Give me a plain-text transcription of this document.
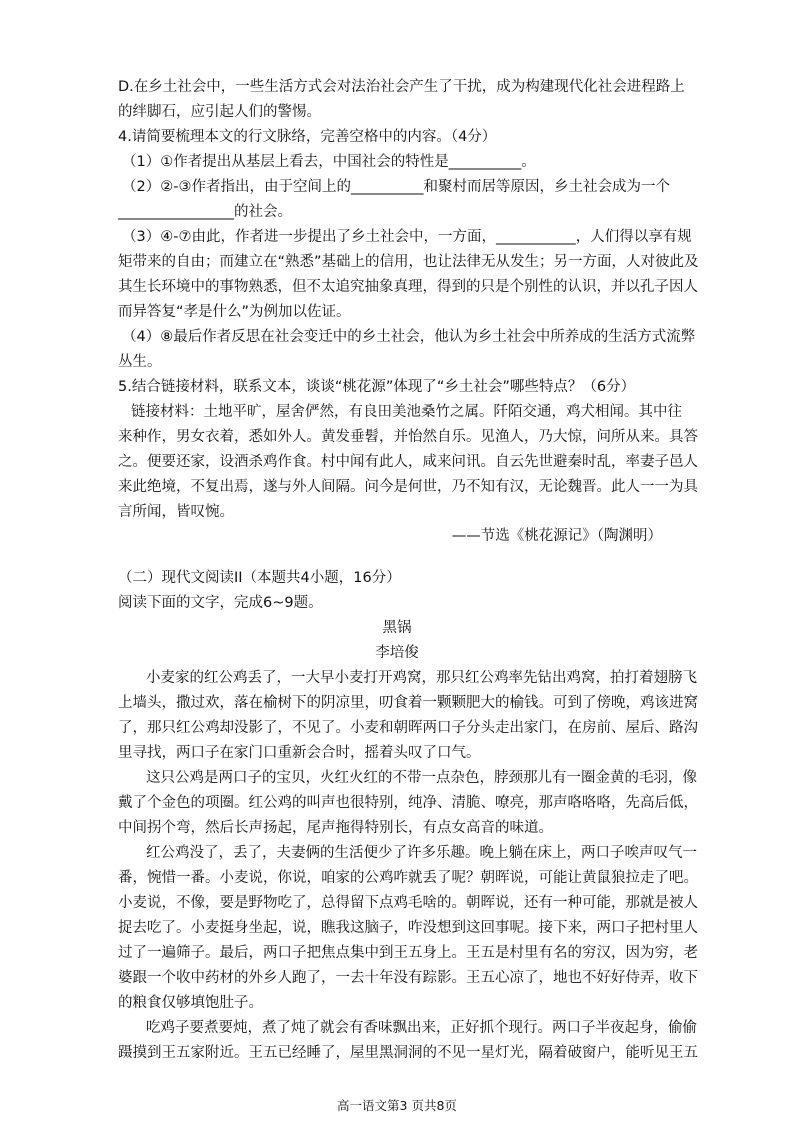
D.在乡土社会中，一些生活方式会对法治社会产生了干扰，成为构建现代化社会进程路上
的绊脚石，应引起人们的警惕。
4.请简要梳理本文的行文脉络，完善空格中的内容。（4分）
（1）①作者提出从基层上看去，中国社会的特性是__________。
（2）②-③作者指出，由于空间上的__________和聚村而居等原因，乡土社会成为一个
________________的社会。
（3）④-⑦由此，作者进一步提出了乡土社会中，一方面，___________，人们得以享有规
矩带来的自由；而建立在“熟悉”基础上的信用，也让法律无从发生；另一方面，人对彼此及
其生长环境中的事物熟悉，但不太追究抽象真理，得到的只是个别性的认识，并以孔子因人
而异答复“孝是什么”为例加以佐证。
（4）⑧最后作者反思在社会变迁中的乡土社会，他认为乡土社会中所养成的生活方式流弊
丛生。
5.结合链接材料，联系文本，谈谈“桃花源”体现了“乡土社会”哪些特点？（6分）
链接材料：土地平旷，屋舍俨然，有良田美池桑竹之属。阡陌交通，鸡犬相闻。其中往
来种作，男女衣着，悉如外人。黄发垂髫，并怡然自乐。见渔人，乃大惊，问所从来。具答
之。便要还家，设酒杀鸡作食。村中闻有此人，咸来问讯。自云先世避秦时乱，率妻子邑人
来此绝境，不复出焉，遂与外人间隔。问今是何世，乃不知有汉，无论魏晋。此人一一为具
言所闻，皆叹惋。
——节选《桃花源记》（陶渊明）
（二）现代文阅读II（本题共4小题，16分）
阅读下面的文字，完成6~9题。
黑锅
李培俊
小麦家的红公鸡丢了，一大早小麦打开鸡窝，那只红公鸡率先钻出鸡窝，拍打着翅膀飞
上墙头，撒过欢，落在榆树下的阴凉里，叨食着一颗颗肥大的榆钱。可到了傍晚，鸡该进窝
了，那只红公鸡却没影了，不见了。小麦和朝晖两口子分头走出家门，在房前、屋后、路沟
里寻找，两口子在家门口重新会合时，摇着头叹了口气。
这只公鸡是两口子的宝贝，火红火红的不带一点杂色，脖颈那儿有一圈金黄的毛羽，像
戴了个金色的项圈。红公鸡的叫声也很特别，纯净、清脆、嘹亮，那声咯咯咯，先高后低，
中间拐个弯，然后长声扬起，尾声拖得特别长，有点女高音的味道。
红公鸡没了，丢了，夫妻俩的生活便少了许多乐趣。晚上躺在床上，两口子唉声叹气一
番，惋惜一番。小麦说，你说，咱家的公鸡咋就丢了呢？朝晖说，可能让黄鼠狼拉走了吧。
小麦说，不像，要是野物吃了，总得留下点鸡毛啥的。朝晖说，还有一种可能，那就是被人
捉去吃了。小麦挺身坐起，说，瞧我这脑子，咋没想到这回事呢。接下来，两口子把村里人
过了一遍筛子。最后，两口子把焦点集中到王五身上。王五是村里有名的穷汉，因为穷，老
婆跟一个收中药材的外乡人跑了，一去十年没有踪影。王五心凉了，地也不好好侍弄，收下
的粮食仅够填饱肚子。
吃鸡子要煮要炖，煮了炖了就会有香味飘出来，正好抓个现行。两口子半夜起身，偷偷
蹑摸到王五家附近。王五已经睡了，屋里黑洞洞的不见一星灯光，隔着破窗户，能听见王五
高一语文第3 页共8页
